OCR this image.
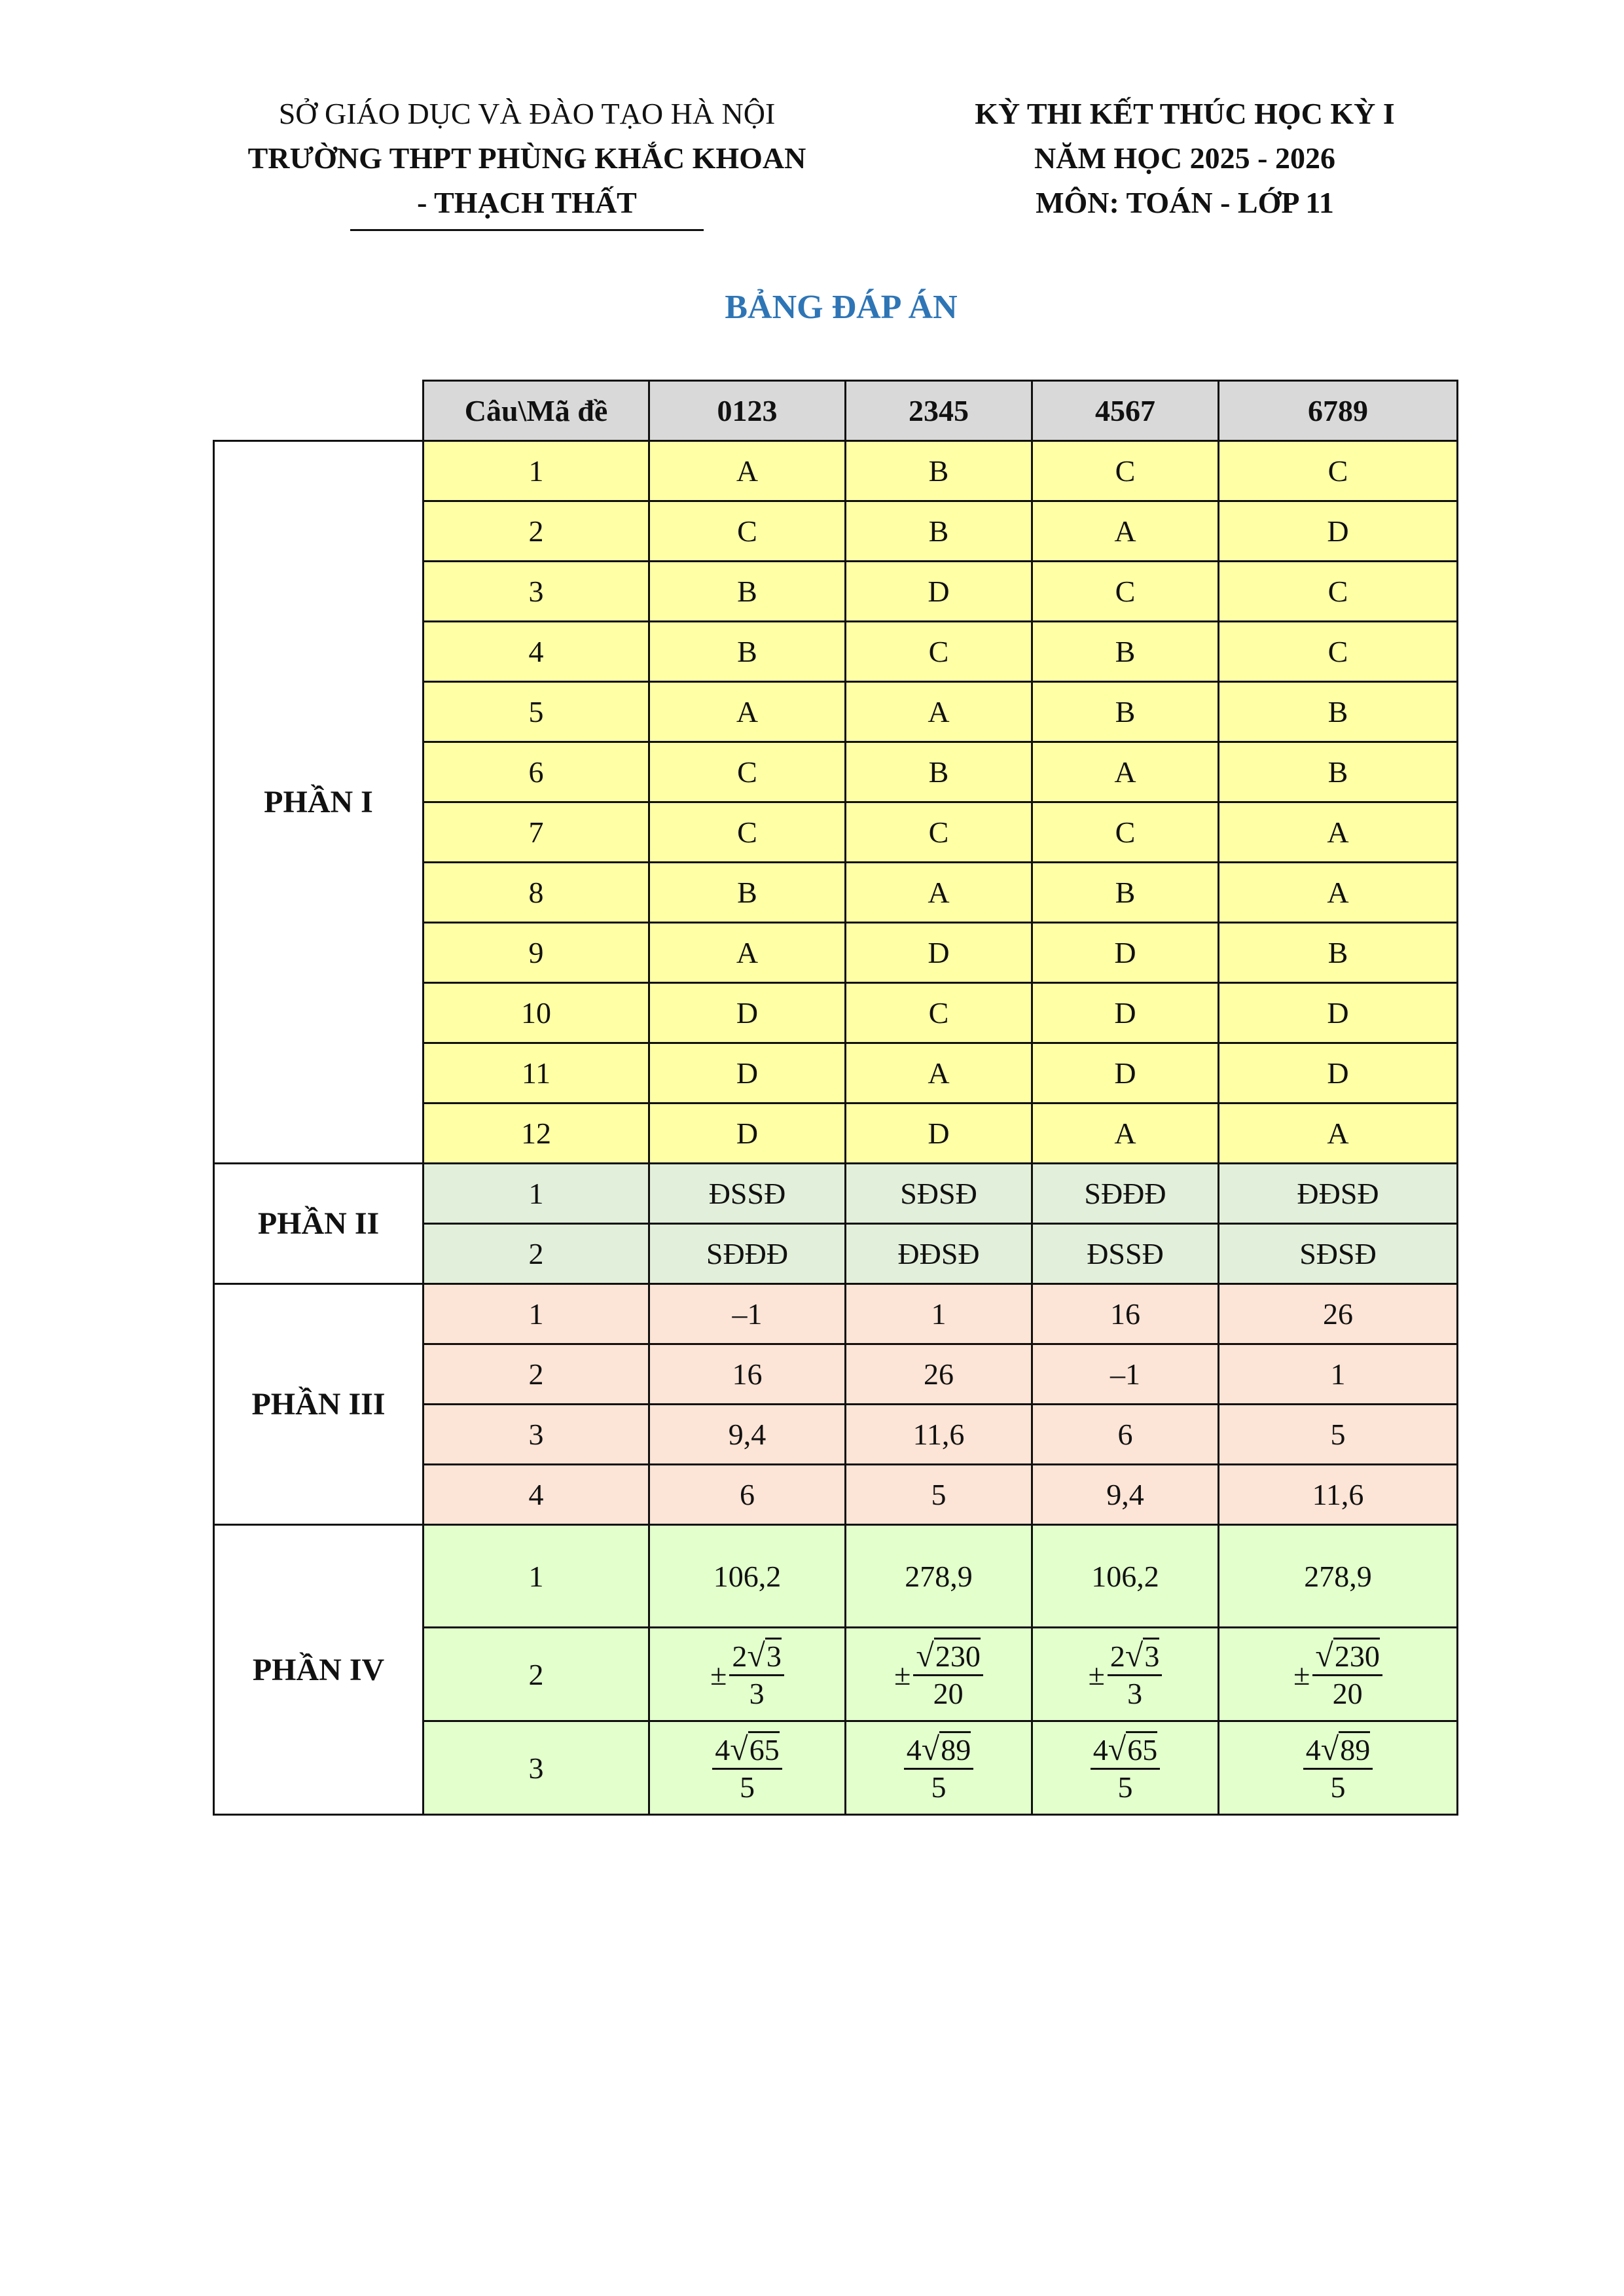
SỞ GIÁO DỤC VÀ ĐÀO TẠO HÀ NỘI
TRƯỜNG THPT PHÙNG KHẮC KHOAN
- THẠCH THẤT
KỲ THI KẾT THÚC HỌC KỲ I
NĂM HỌC 2025 - 2026
MÔN: TOÁN - LỚP 11
BẢNG ĐÁP ÁN
	Câu\Mã đề	0123	2345	4567	6789
PHẦN I	1	A	B	C	C
	2	C	B	A	D
	3	B	D	C	C
	4	B	C	B	C
	5	A	A	B	B
	6	C	B	A	B
	7	C	C	C	A
	8	B	A	B	A
	9	A	D	D	B
	10	D	C	D	D
	11	D	A	D	D
	12	D	D	A	A
PHẦN II	1	ĐSSĐ	SĐSĐ	SĐĐĐ	ĐĐSĐ
	2	SĐĐĐ	ĐĐSĐ	ĐSSĐ	SĐSĐ
PHẦN III	1	–1	1	16	26
	2	16	26	–1	1
	3	9,4	11,6	6	5
	4	6	5	9,4	11,6
PHẦN IV	1	106,2	278,9	106,2	278,9
	2	± $\frac{2√3}{3}$	± $\frac{√230}{20}$	± $\frac{2√3}{3}$	± $\frac{√230}{20}$

	3	$\frac{4√65}{5}$	$\frac{4√89}{5}$	$\frac{4√65}{5}$	$\frac{4√89}{5}$
